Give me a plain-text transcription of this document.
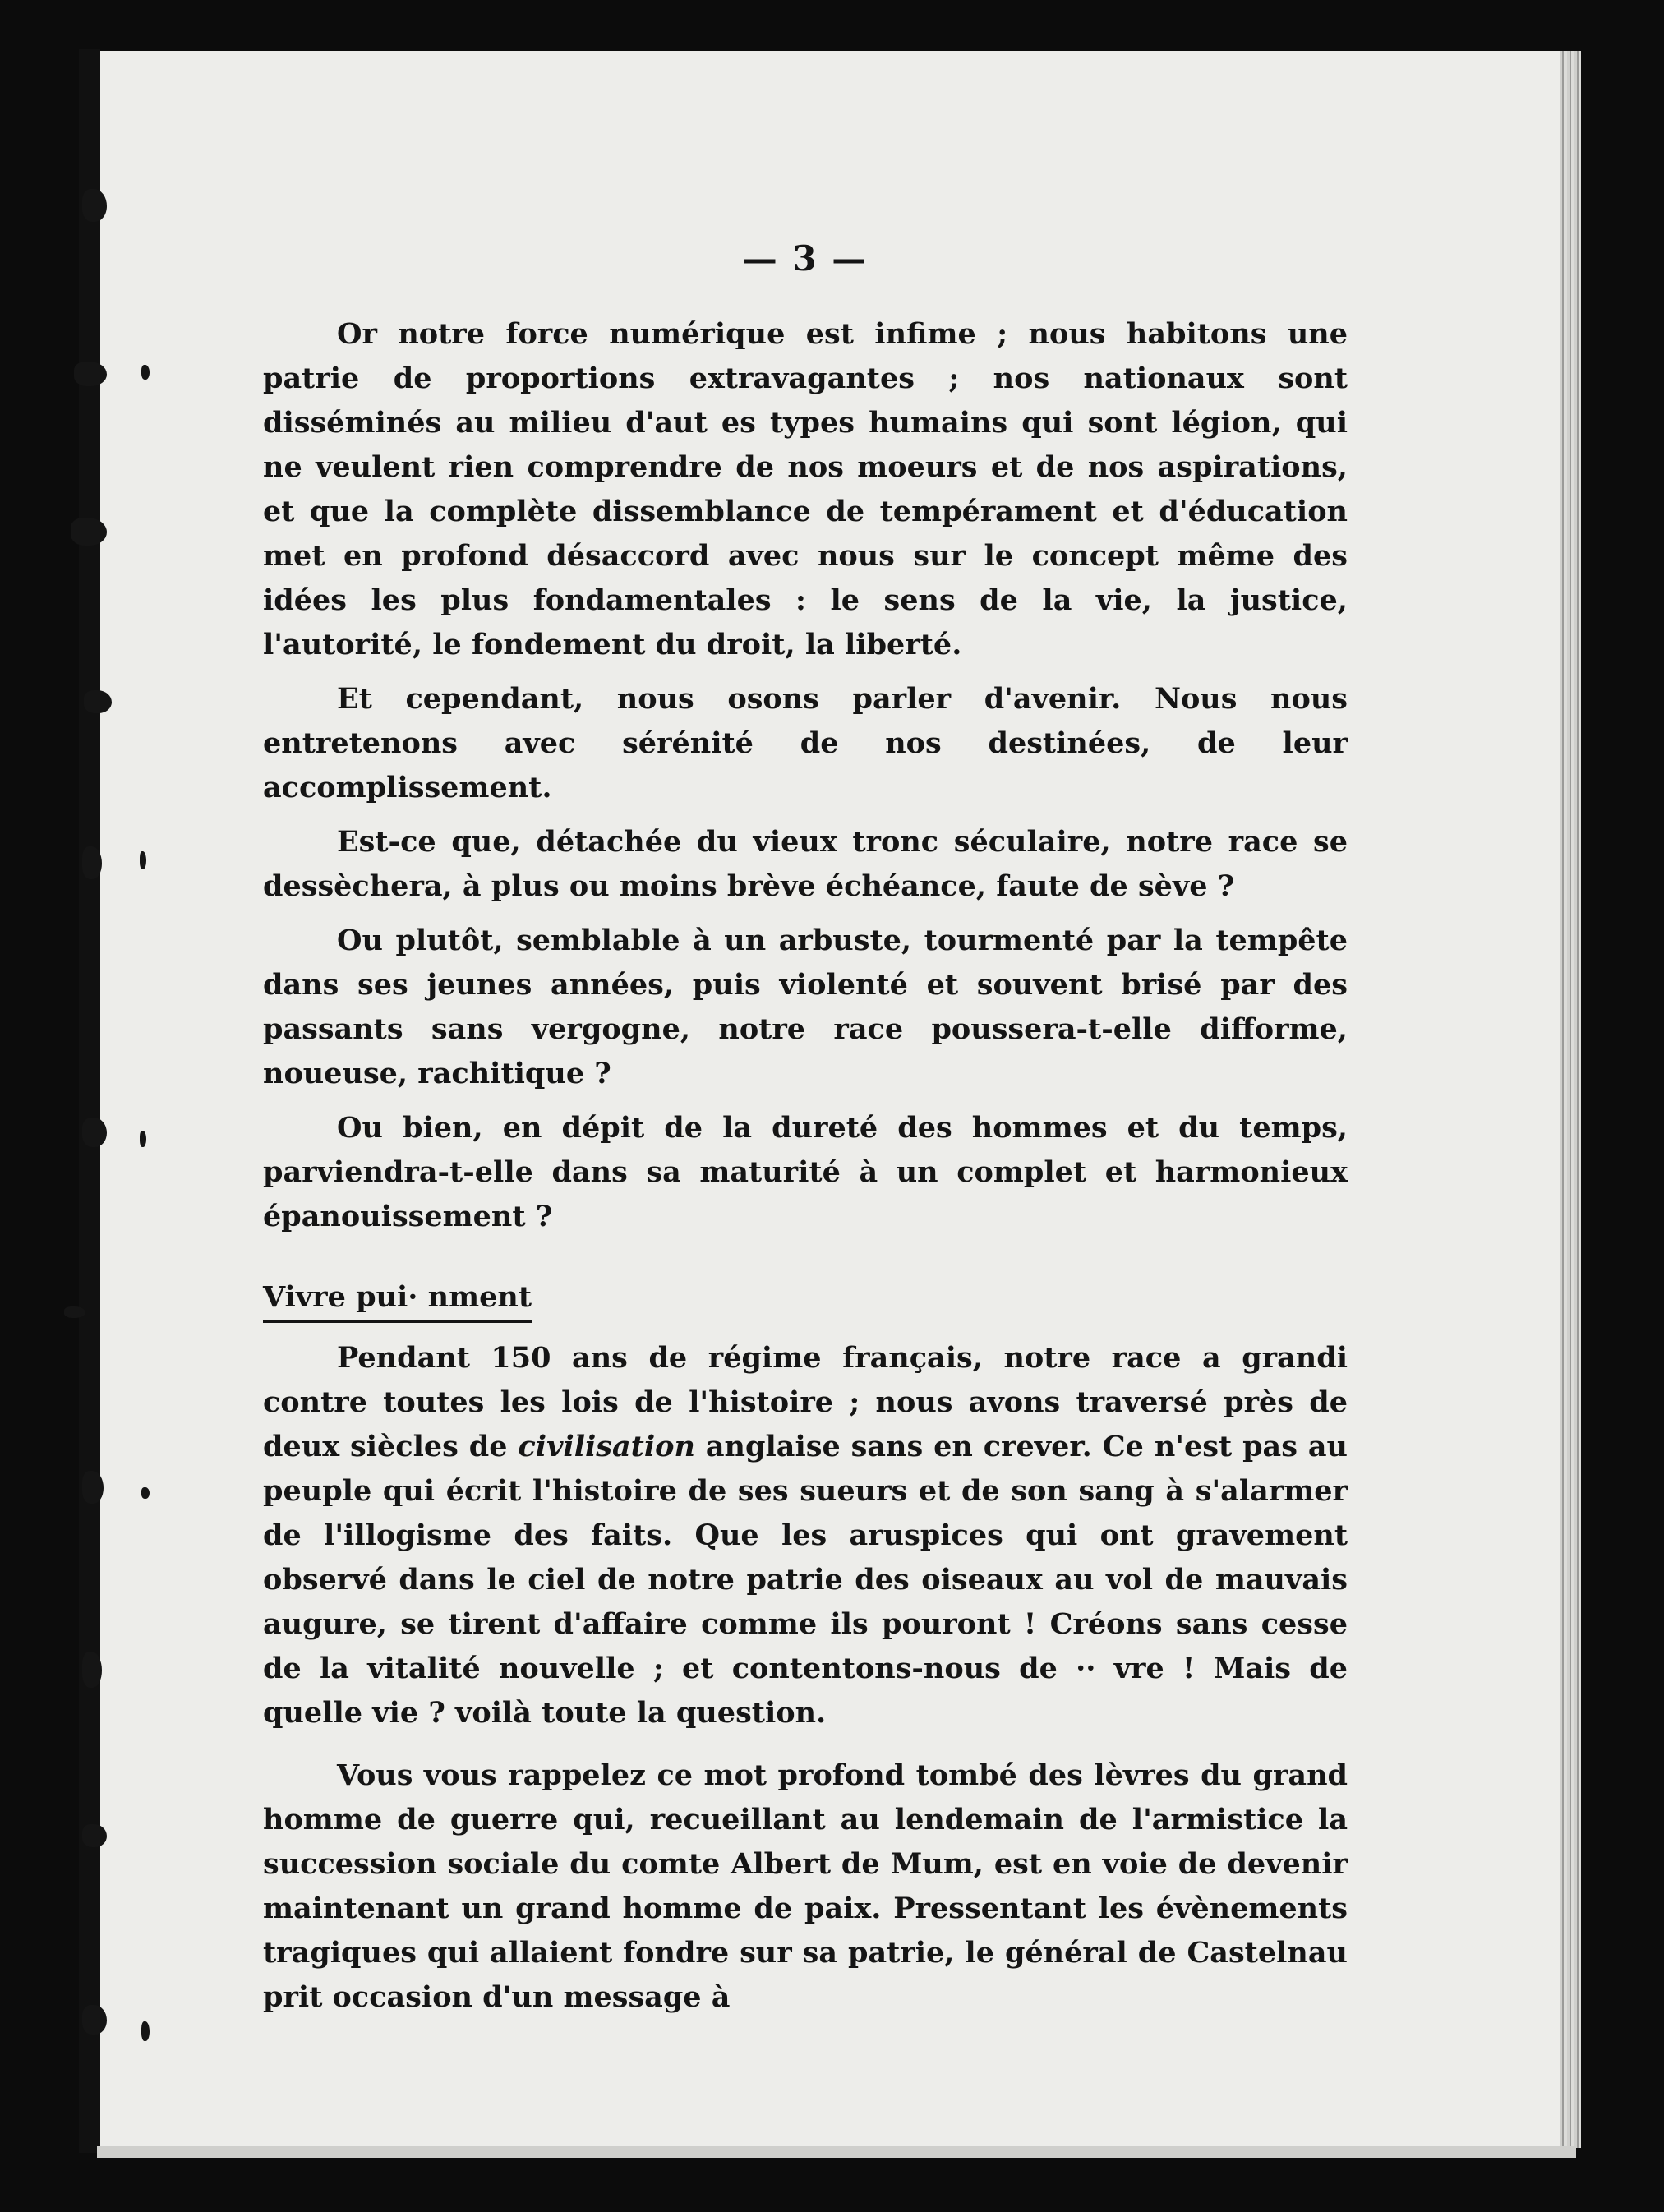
— 3 —

Or notre force numérique est infime ; nous habitons une patrie de proportions extravagantes ; nos nationaux sont disséminés au milieu d'aut es types humains qui sont légion, qui ne veulent rien comprendre de nos moeurs et de nos aspirations, et que la complète dissemblance de tempérament et d'éducation met en profond désaccord avec nous sur le concept même des idées les plus fondamentales : le sens de la vie, la justice, l'autorité, le fondement du droit, la liberté.

Et cependant, nous osons parler d'avenir. Nous nous entretenons avec sérénité de nos destinées, de leur accomplissement.

Est-ce que, détachée du vieux tronc séculaire, notre race se dessèchera, à plus ou moins brève échéance, faute de sève ?

Ou plutôt, semblable à un arbuste, tourmenté par la tempête dans ses jeunes années, puis violenté et souvent brisé par des passants sans vergogne, notre race poussera-t-elle difforme, noueuse, rachitique ?

Ou bien, en dépit de la dureté des hommes et du temps, parviendra-t-elle dans sa maturité à un complet et harmonieux épanouissement ?

Vivre pui· nment

Pendant 150 ans de régime français, notre race a grandi contre toutes les lois de l'histoire ; nous avons traversé près de deux siècles de civilisation anglaise sans en crever. Ce n'est pas au peuple qui écrit l'histoire de ses sueurs et de son sang à s'alarmer de l'illogisme des faits. Que les aruspices qui ont gravement observé dans le ciel de notre patrie des oiseaux au vol de mauvais augure, se tirent d'affaire comme ils pouront ! Créons sans cesse de la vitalité nouvelle ; et contentons-nous de ·· vre ! Mais de quelle vie ? voilà toute la question.

Vous vous rappelez ce mot profond tombé des lèvres du grand homme de guerre qui, recueillant au lendemain de l'armistice la succession sociale du comte Albert de Mum, est en voie de devenir maintenant un grand homme de paix. Pressentant les évènements tragiques qui allaient fondre sur sa patrie, le général de Castelnau prit occasion d'un message à
